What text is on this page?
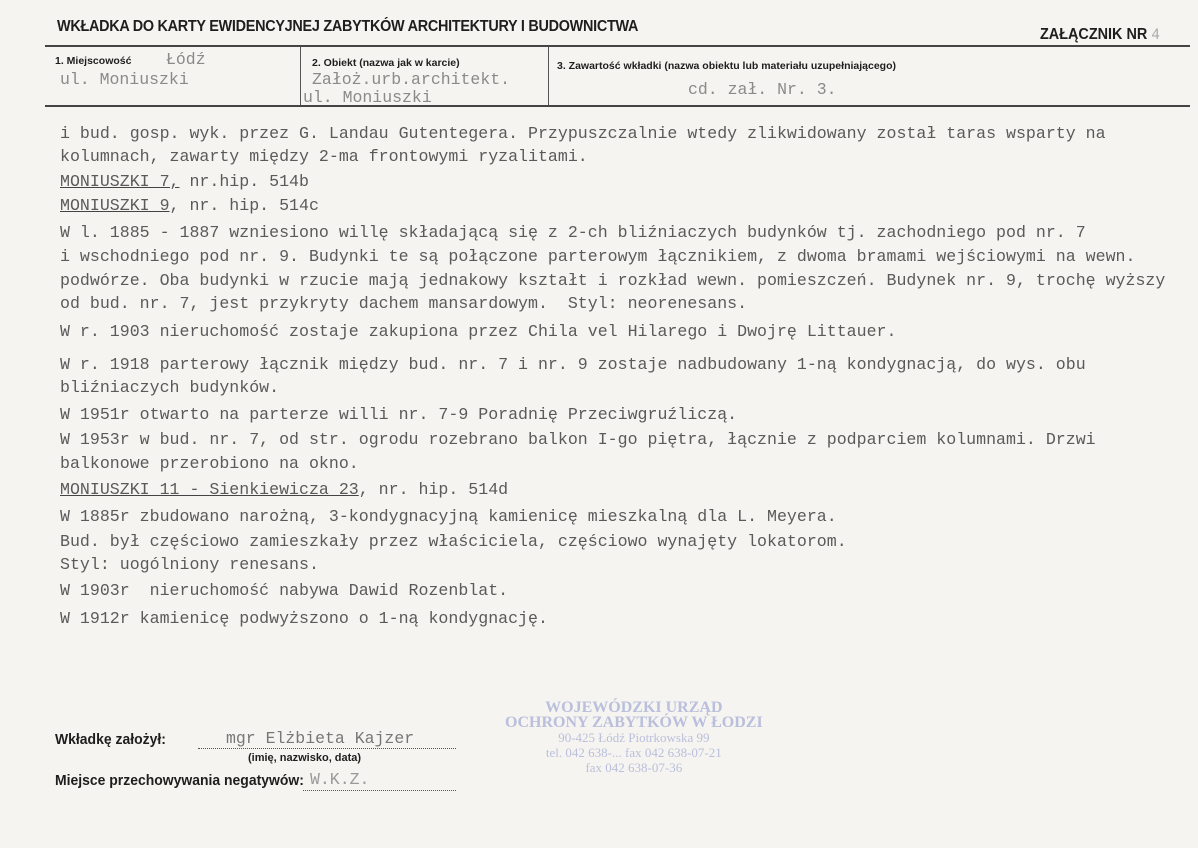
WKŁADKA DO KARTY EWIDENCYJNEJ ZABYTKÓW ARCHITEKTURY I BUDOWNICTWA	ZAŁĄCZNIK NR 4
1. Miejscowość Łódź
ul. Moniuszki
2. Obiekt (nazwa jak w karcie)
Założ.urb.architekt.
ul. Moniuszki
3. Zawartość wkładki (nazwa obiektu lub materiału uzupełniającego)
cd. zał. Nr. 3.
i bud. gosp. wyk. przez G. Landau Gutentegera. Przypuszczalnie wtedy zlikwidowany został taras wsparty na
kolumnach, zawarty między 2-ma frontowymi ryzalitami.
MONIUSZKI 7, nr.hip. 514b
MONIUSZKI 9, nr. hip. 514c
W l. 1885 - 1887 wzniesiono willę składającą się z 2-ch bliźniaczych budynków tj. zachodniego pod nr. 7
i wschodniego pod nr. 9. Budynki te są połączone parterowym łącznikiem, z dwoma bramami wejściowymi na wewn.
podwórze. Oba budynki w rzucie mają jednakowy kształt i rozkład wewn. pomieszczeń. Budynek nr. 9, trochę wyższy
od bud. nr. 7, jest przykryty dachem mansardowym.  Styl: neorenesans.
W r. 1903 nieruchomość zostaje zakupiona przez Chila vel Hilarego i Dwojrę Littauer.
W r. 1918 parterowy łącznik między bud. nr. 7 i nr. 9 zostaje nadbudowany 1-ną kondygnacją, do wys. obu
bliźniaczych budynków.
W 1951r otwarto na parterze willi nr. 7-9 Poradnię Przeciwgruźliczą.
W 1953r w bud. nr. 7, od str. ogrodu rozebrano balkon I-go piętra, łącznie z podparciem kolumnami. Drzwi
balkonowe przerobiono na okno.
MONIUSZKI 11 - Sienkiewicza 23, nr. hip. 514d
W 1885r zbudowano narożną, 3-kondygnacyjną kamienicę mieszkalną dla L. Meyera.
Bud. był częściowo zamieszkały przez właściciela, częściowo wynajęty lokatorom.
Styl: uogólniony renesans.
W 1903r  nieruchomość nabywa Dawid Rozenblat.
W 1912r kamienicę podwyższono o 1-ną kondygnację.
Wkładkę założył:	mgr Elżbieta Kajzer
(imię, nazwisko, data)
Miejsce przechowywania negatywów: W.K.Z.
WOJEWÓDZKI URZĄD
OCHRONY ZABYTKÓW W ŁODZI
90-425 Łódź Piotrkowska 99
tel. 042 638-... fax 042 638-07-21
fax 042 638-07-36
